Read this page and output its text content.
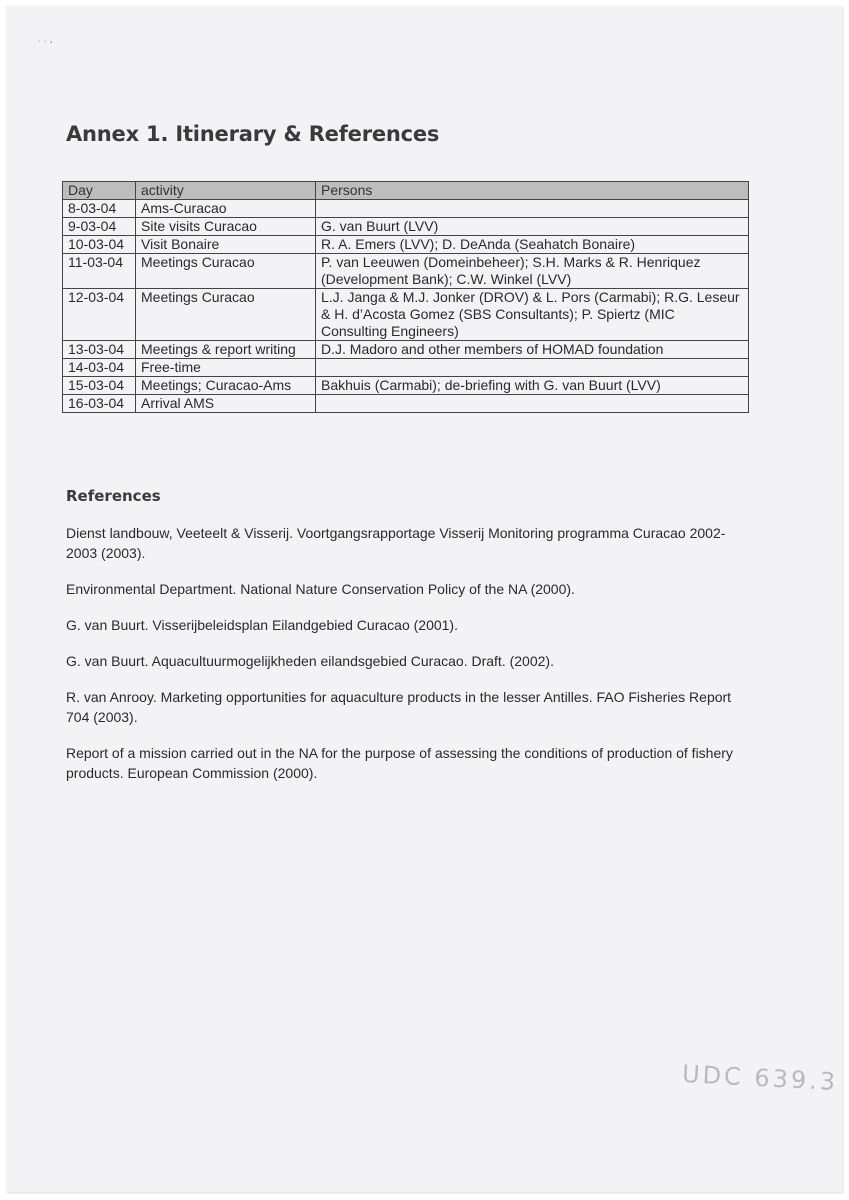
˙ ˙ '
Annex 1. Itinerary & References
Day	activity	Persons
8-03-04	Ams-Curacao	
9-03-04	Site visits Curacao	G. van Buurt (LVV)
10-03-04	Visit Bonaire	R. A. Emers (LVV); D. DeAnda (Seahatch Bonaire)
11-03-04	Meetings Curacao	P. van Leeuwen (Domeinbeheer); S.H. Marks & R. Henriquez (Development Bank); C.W. Winkel (LVV)
12-03-04	Meetings Curacao	L.J. Janga & M.J. Jonker (DROV) & L. Pors (Carmabi); R.G. Leseur & H. d’Acosta Gomez (SBS Consultants); P. Spiertz (MIC Consulting Engineers)
13-03-04	Meetings & report writing	D.J. Madoro and other members of HOMAD foundation
14-03-04	Free-time	
15-03-04	Meetings; Curacao-Ams	Bakhuis (Carmabi); de-briefing with G. van Buurt (LVV)
16-03-04	Arrival AMS	
References

Dienst landbouw, Veeteelt & Visserij. Voortgangsrapportage Visserij Monitoring programma Curacao 2002-2003 (2003).

Environmental Department. National Nature Conservation Policy of the NA (2000).

G. van Buurt. Visserijbeleidsplan Eilandgebied Curacao (2001).

G. van Buurt. Aquacultuurmogelijkheden eilandsgebied Curacao. Draft. (2002).

R. van Anrooy. Marketing opportunities for aquaculture products in the lesser Antilles. FAO Fisheries Report 704 (2003).

Report of a mission carried out in the NA for the purpose of assessing the conditions of production of fishery products. European Commission (2000).

UDC 639.3
